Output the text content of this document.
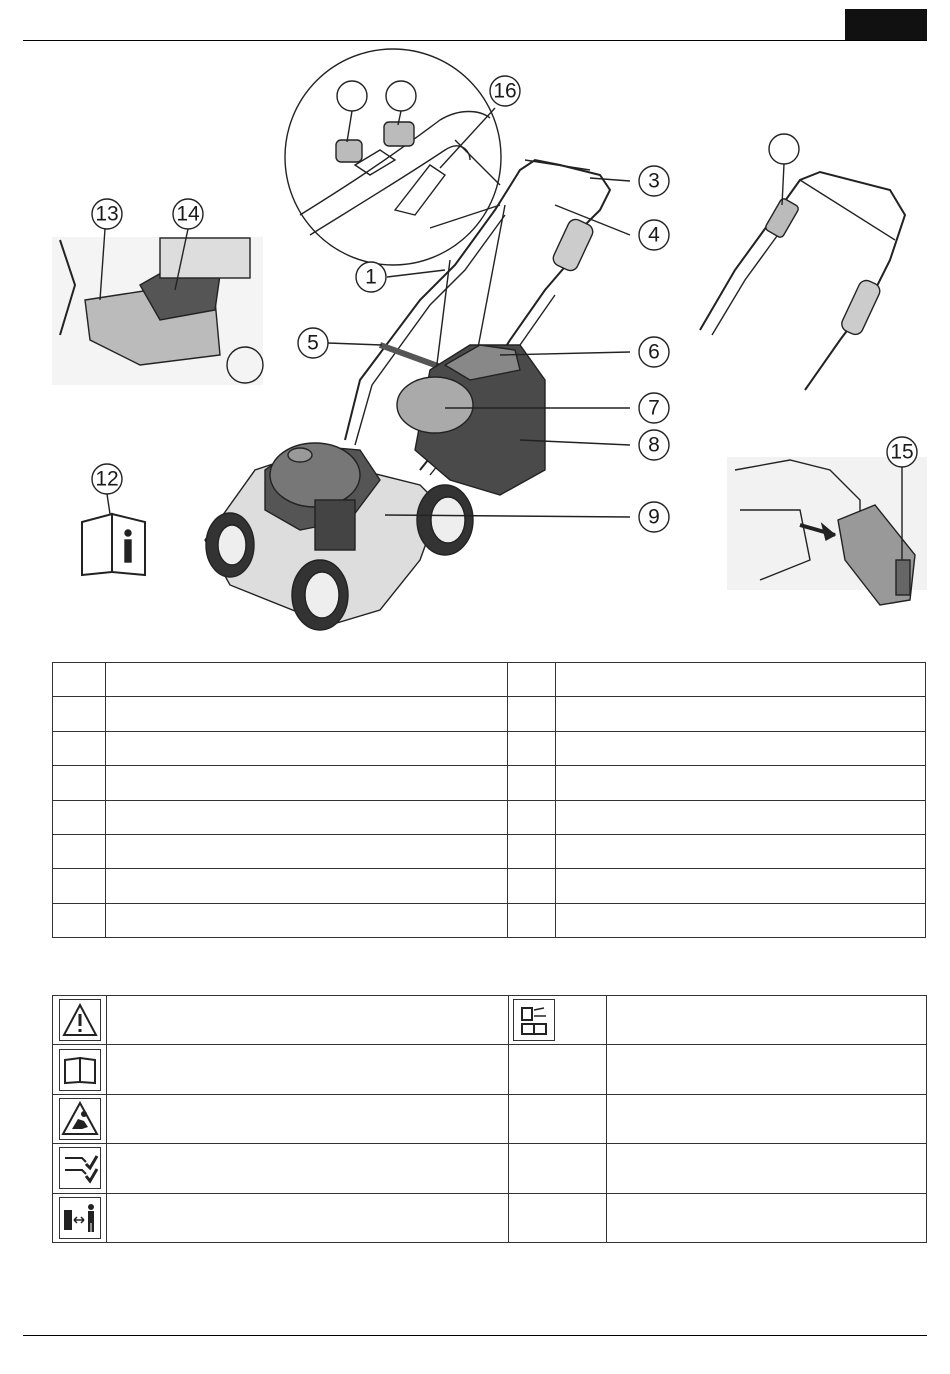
16
3
4
1
5	6
7
8
9
12
13	14
15
